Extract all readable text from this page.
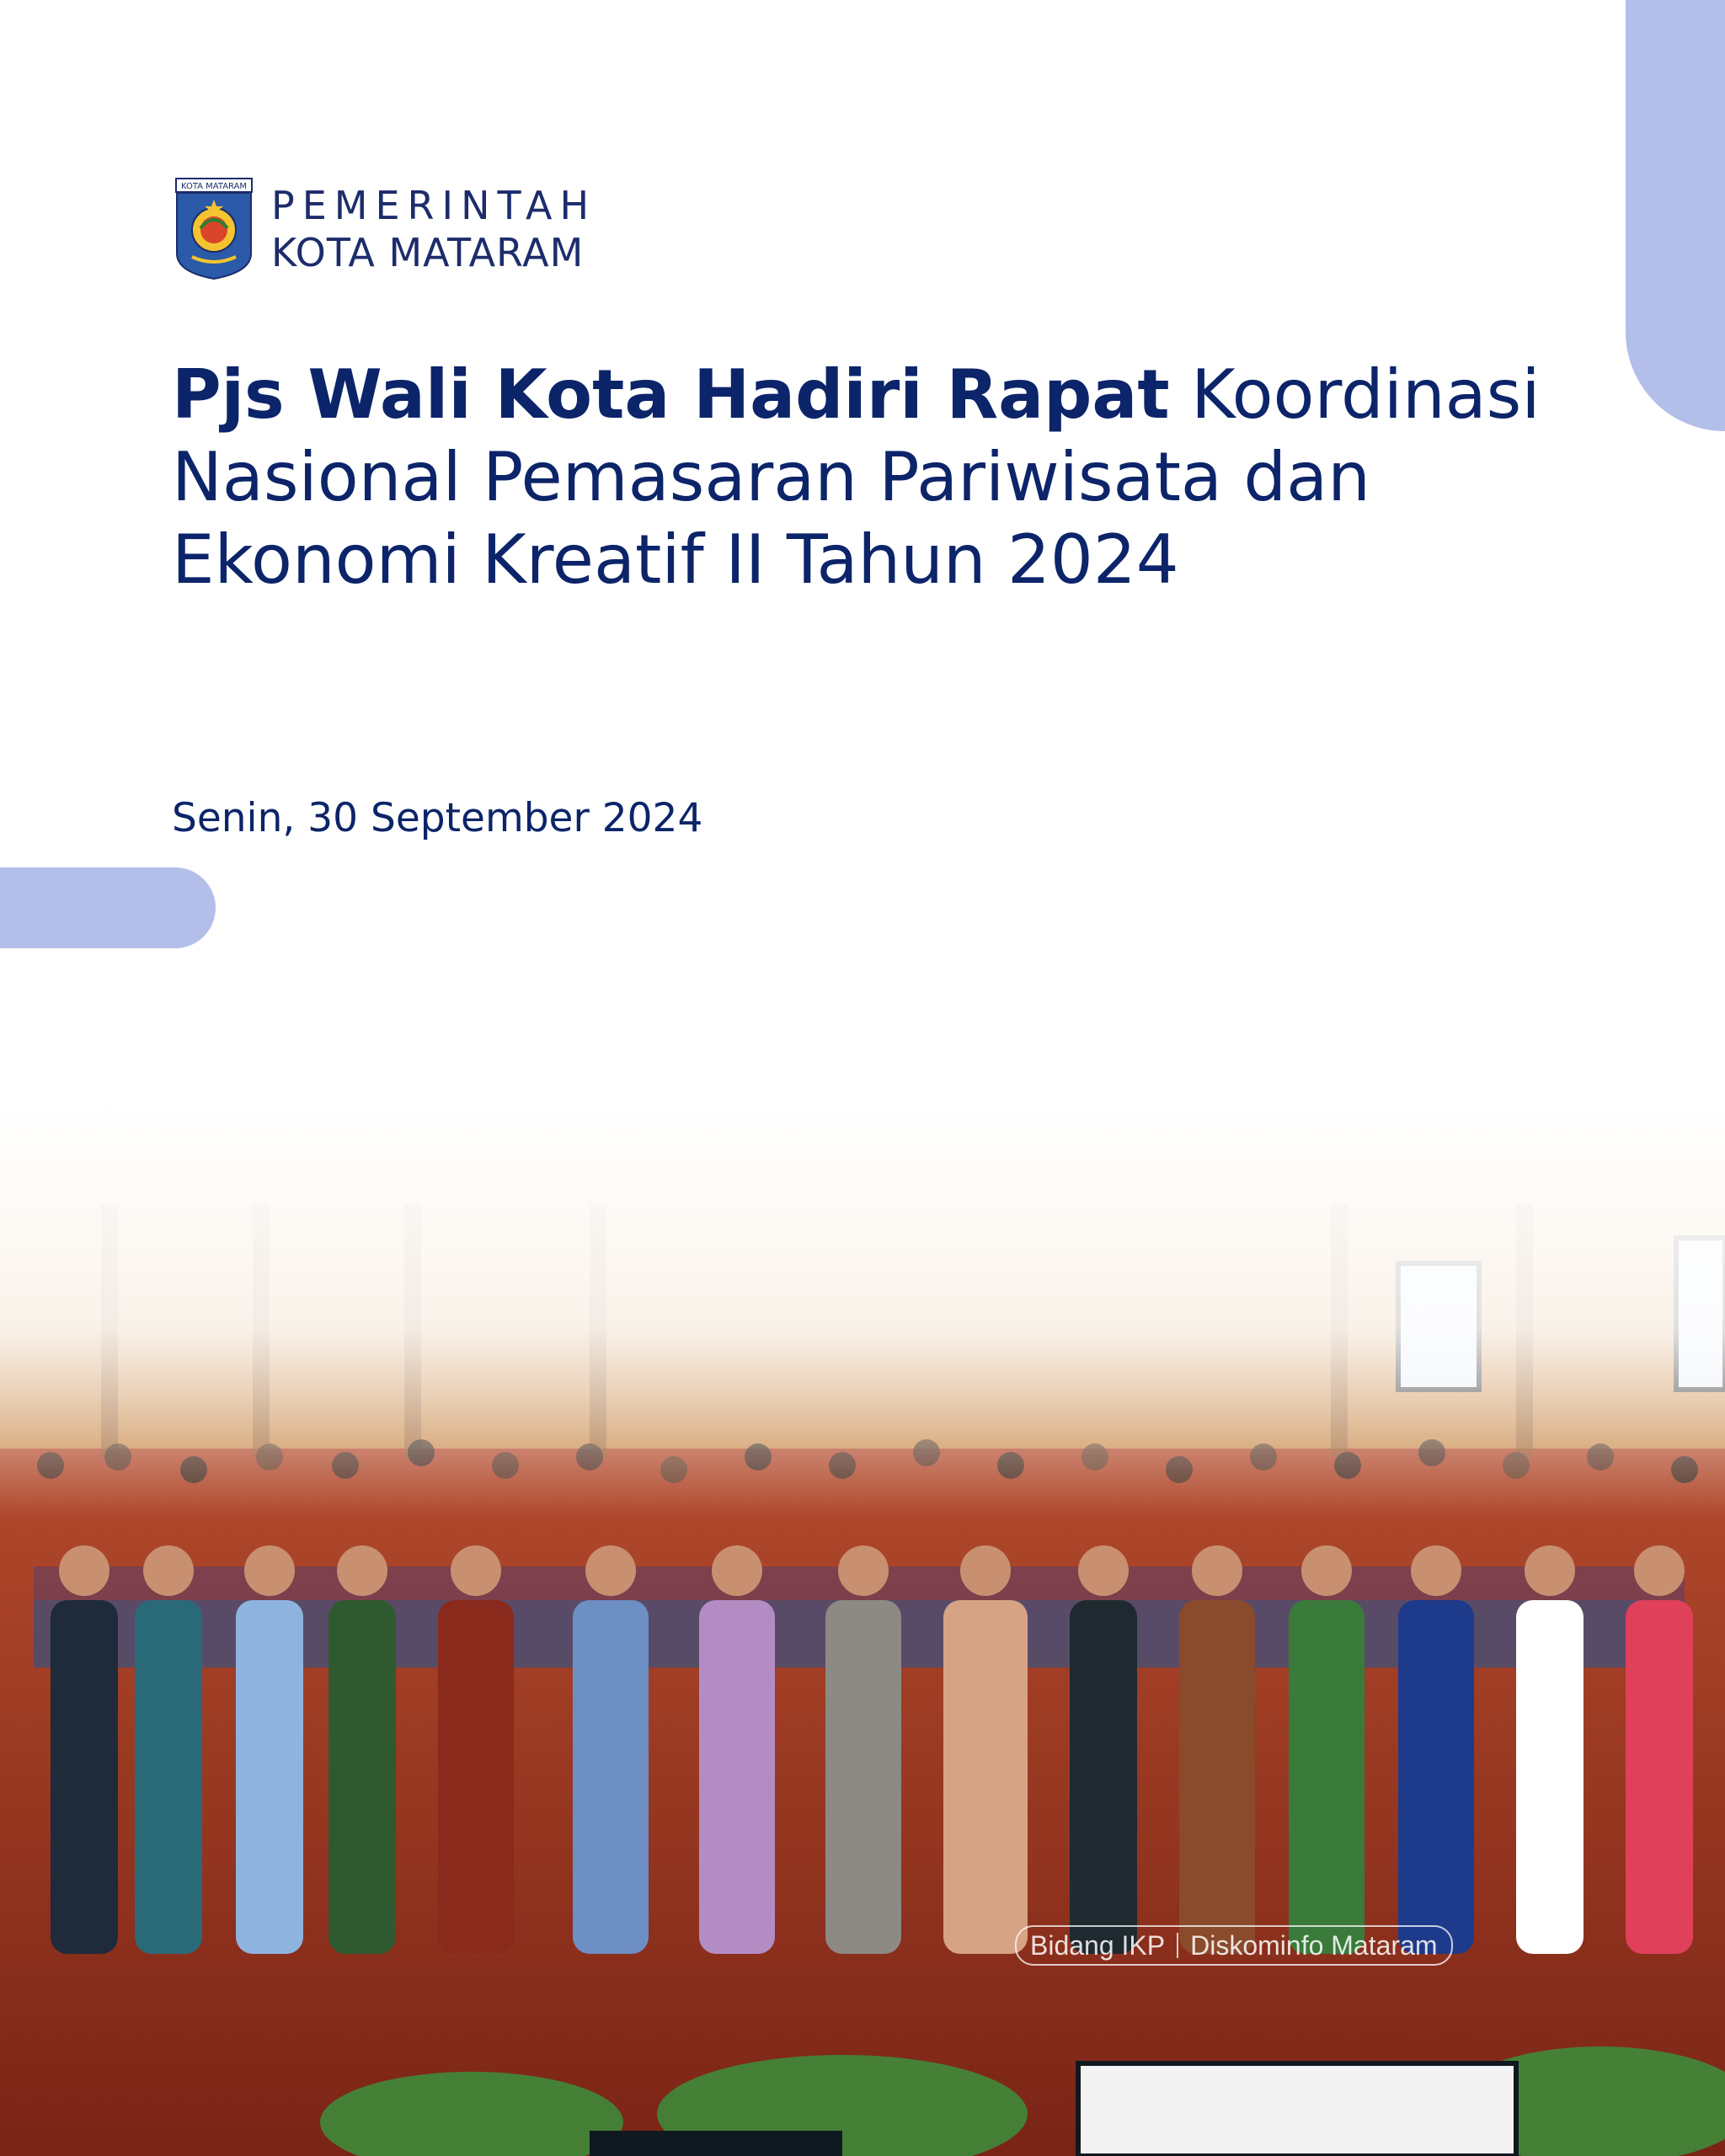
KOTA MATARAM PEMERINTAH
KOTA MATARAM
Pjs Wali Kota Hadiri Rapat Koordinasi
Nasional Pemasaran Pariwisata dan
Ekonomi Kreatif II Tahun 2024
Senin, 30 September 2024
Bidang IKP Diskominfo Mataram
